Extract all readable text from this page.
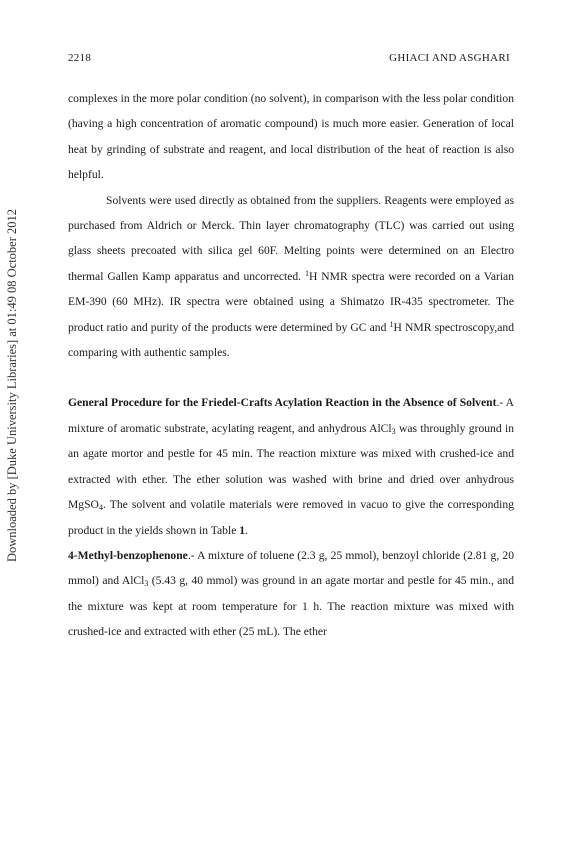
Downloaded by [Duke University Libraries] at 01:49 08 October 2012
2218	GHIACI AND ASGHARI

complexes in the more polar condition (no solvent), in comparison with the less polar condition (having a high concentration of aromatic compound) is much more easier. Generation of local heat by grinding of substrate and reagent, and local distribution of the heat of reaction is also helpful.

Solvents were used directly as obtained from the suppliers. Reagents were employed as purchased from Aldrich or Merck. Thin layer chromatography (TLC) was carried out using glass sheets precoated with silica gel 60F. Melting points were determined on an Electro thermal Gallen Kamp apparatus and uncorrected. $^1$H NMR spectra were recorded on a Varian EM-390 (60 MHz). IR spectra were obtained using a Shimatzo IR-435 spectrometer. The product ratio and purity of the products were determined by GC and $^1$H NMR spectroscopy,and comparing with authentic samples.

General Procedure for the Friedel-Crafts Acylation Reaction in the Absence of Solvent.- A mixture of aromatic substrate, acylating reagent, and anhydrous AlCl$_3$ was throughly ground in an agate mortor and pestle for 45 min. The reaction mixture was mixed with crushed-ice and extracted with ether. The ether solution was washed with brine and dried over anhydrous MgSO$_4$. The solvent and volatile materials were removed in vacuo to give the corresponding product in the yields shown in Table 1.

4-Methyl-benzophenone.- A mixture of toluene (2.3 g, 25 mmol), benzoyl chloride (2.81 g, 20 mmol) and AlCl$_3$ (5.43 g, 40 mmol) was ground in an agate mortar and pestle for 45 min., and the mixture was kept at room temperature for 1 h. The reaction mixture was mixed with crushed-ice and extracted with ether (25 mL). The ether
